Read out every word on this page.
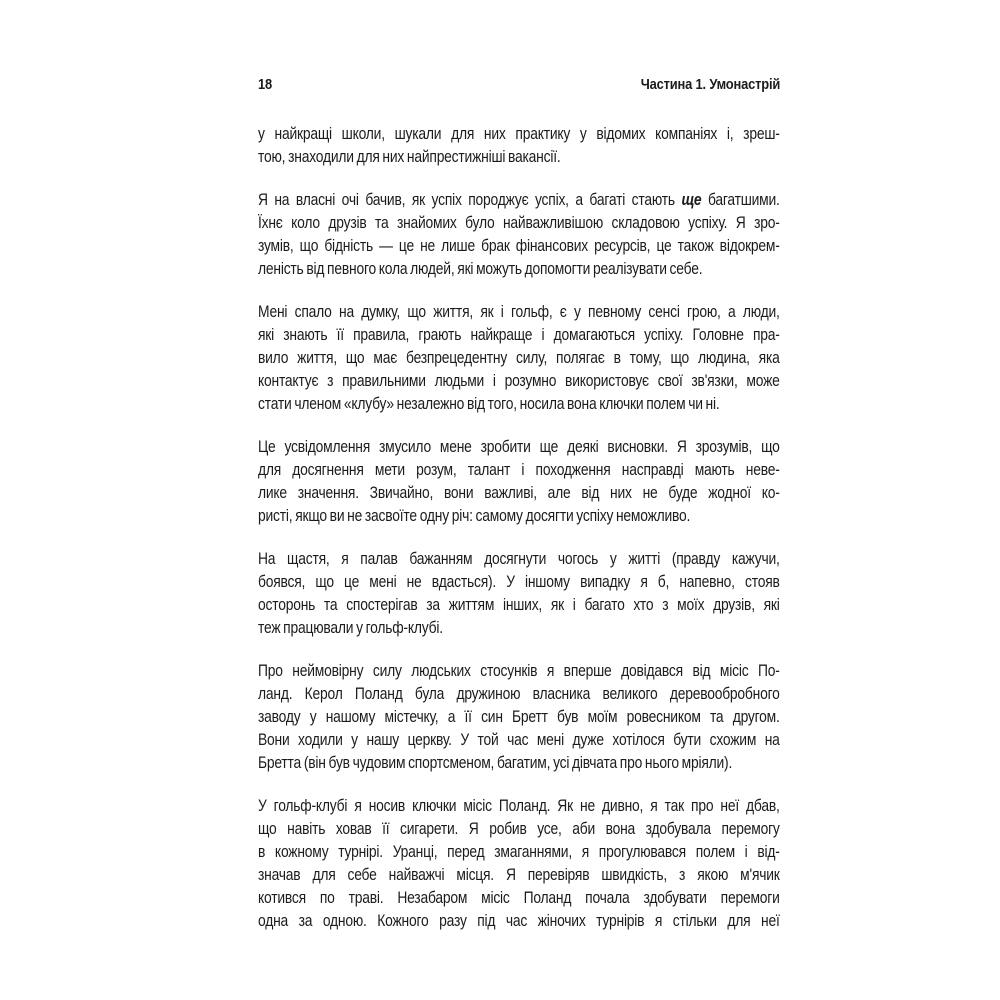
18	Частина 1. Умонастрій

у найкращі школи, шукали для них практику у відомих компаніях і, зреш-
тою, знаходили для них найпрестижніші вакансії.

Я на власні очі бачив, як успіх породжує успіх, а багаті стають ще багатшими.
Їхнє коло друзів та знайомих було найважливішою складовою успіху. Я зро-
зумів, що бідність — це не лише брак фінансових ресурсів, це також відокрем-
леність від певного кола людей, які можуть допомогти реалізувати себе.

Мені спало на думку, що життя, як і гольф, є у певному сенсі грою, а люди,
які знають її правила, грають найкраще і домагаються успіху. Головне пра-
вило життя, що має безпрецедентну силу, полягає в тому, що людина, яка
контактує з правильними людьми і розумно використовує свої зв'язки, може
стати членом «клубу» незалежно від того, носила вона ключки полем чи ні.

Це усвідомлення змусило мене зробити ще деякі висновки. Я зрозумів, що
для досягнення мети розум, талант і походження насправді мають неве-
лике значення. Звичайно, вони важливі, але від них не буде жодної ко-
ристі, якщо ви не засвоїте одну річ: самому досягти успіху неможливо.

На щастя, я палав бажанням досягнути чогось у житті (правду кажучи,
боявся, що це мені не вдасться). У іншому випадку я б, напевно, стояв
осторонь та спостерігав за життям інших, як і багато хто з моїх друзів, які
теж працювали у гольф-клубі.

Про неймовірну силу людських стосунків я вперше довідався від місіс По-
ланд. Керол Поланд була дружиною власника великого деревообробного
заводу у нашому містечку, а її син Бретт був моїм ровесником та другом.
Вони ходили у нашу церкву. У той час мені дуже хотілося бути схожим на
Бретта (він був чудовим спортсменом, багатим, усі дівчата про нього мріяли).

У гольф-клубі я носив ключки місіс Поланд. Як не дивно, я так про неї дбав,
що навіть ховав її сигарети. Я робив усе, аби вона здобувала перемогу
в кожному турнірі. Уранці, перед змаганнями, я прогулювався полем і від-
значав для себе найважчі місця. Я перевіряв швидкість, з якою м'ячик
котився по траві. Незабаром місіс Поланд почала здобувати перемоги
одна за одною. Кожного разу під час жіночих турнірів я стільки для неї
